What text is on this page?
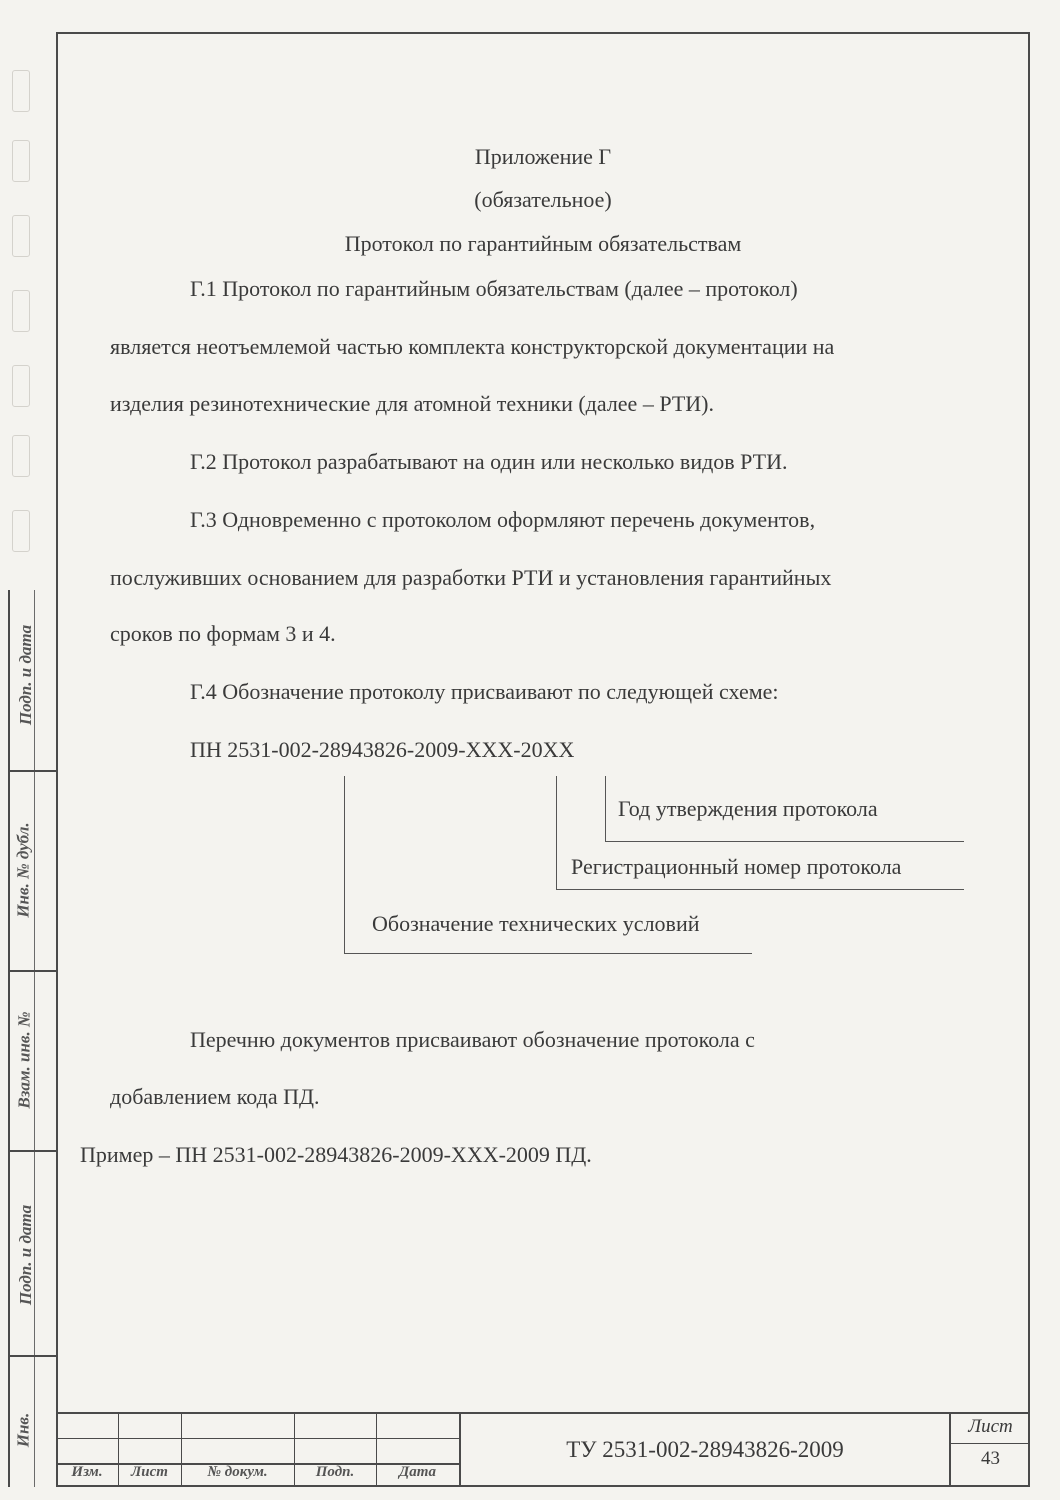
Подп. и дата
Инв. № дубл.
Взам. инв. №
Подп. и дата
Инв.
Приложение Г
(обязательное)
Протокол по гарантийным обязательствам
Г.1 Протокол по гарантийным обязательствам (далее – протокол)
является неотъемлемой частью комплекта конструкторской документации на
изделия резинотехнические для атомной техники (далее – РТИ).
Г.2 Протокол разрабатывают на один или несколько видов РТИ.
Г.3 Одновременно с протоколом оформляют перечень документов,
послуживших основанием для разработки РТИ и установления гарантийных
сроков по формам 3 и 4.
Г.4 Обозначение протоколу присваивают по следующей схеме:
ПН 2531-002-28943826-2009-XXX-20XX
Год утверждения протокола
Регистрационный номер протокола
Обозначение технических условий
Перечню документов присваивают обозначение протокола с
добавлением кода ПД.
Пример – ПН 2531-002-28943826-2009-XXX-2009 ПД.
Изм.	Лист	№ докум.	Подп.	Дата
ТУ 2531-002-28943826-2009
Лист
43
